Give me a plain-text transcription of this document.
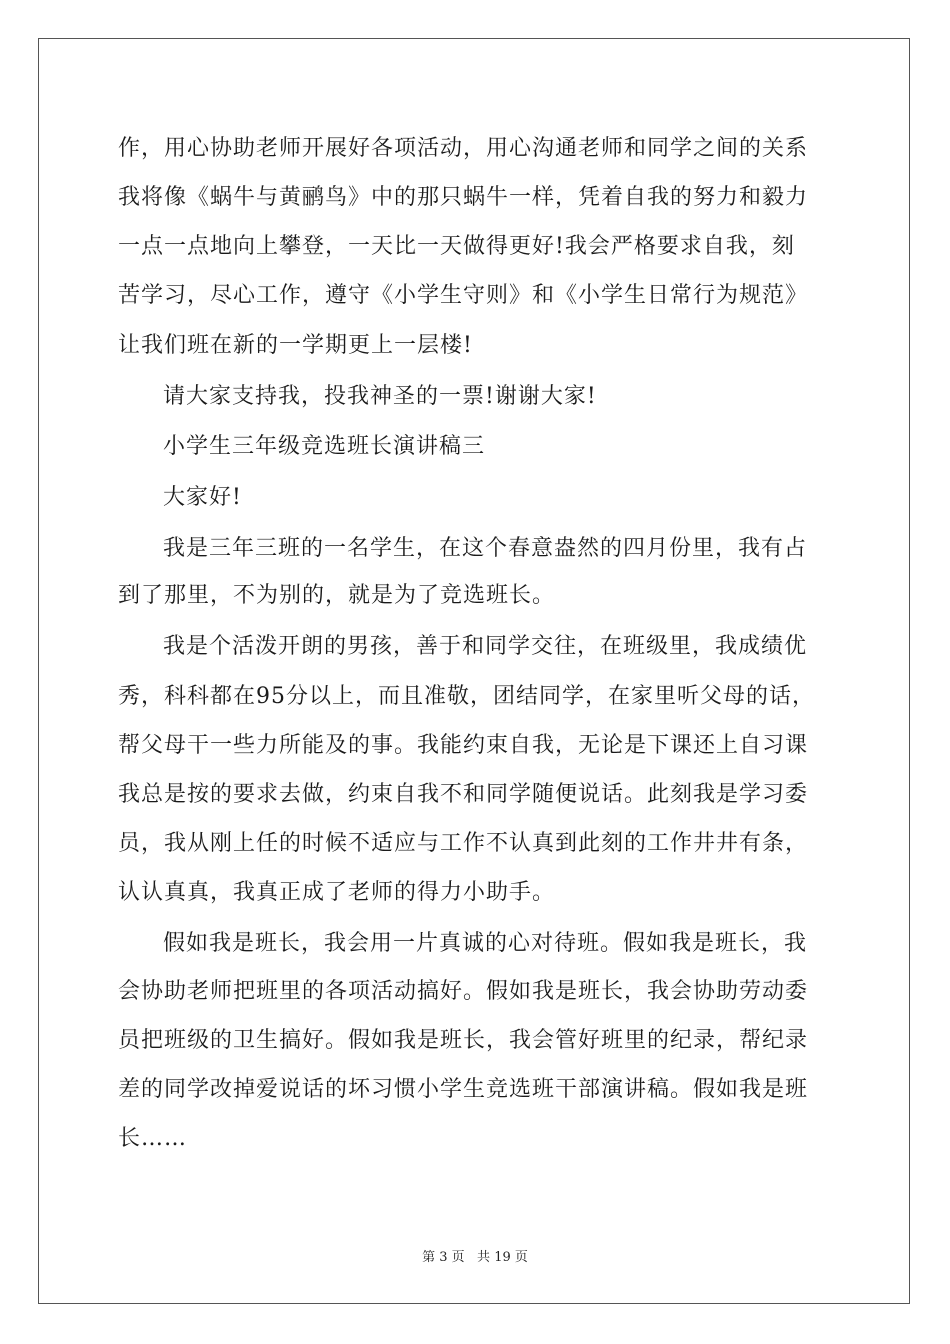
作，用心协助老师开展好各项活动，用心沟通老师和同学之间的关系
我将像《蜗牛与黄鹂鸟》中的那只蜗牛一样，凭着自我的努力和毅力
一点一点地向上攀登，一天比一天做得更好!我会严格要求自我，刻
苦学习，尽心工作，遵守《小学生守则》和《小学生日常行为规范》
让我们班在新的一学期更上一层楼!
请大家支持我，投我神圣的一票!谢谢大家!
小学生三年级竞选班长演讲稿三
大家好!
我是三年三班的一名学生，在这个春意盎然的四月份里，我有占
到了那里，不为别的，就是为了竞选班长。
我是个活泼开朗的男孩，善于和同学交往，在班级里，我成绩优
秀，科科都在95分以上，而且准敬，团结同学，在家里听父母的话，
帮父母干一些力所能及的事。我能约束自我，无论是下课还上自习课
我总是按的要求去做，约束自我不和同学随便说话。此刻我是学习委
员，我从刚上任的时候不适应与工作不认真到此刻的工作井井有条，
认认真真，我真正成了老师的得力小助手。
假如我是班长，我会用一片真诚的心对待班。假如我是班长，我
会协助老师把班里的各项活动搞好。假如我是班长，我会协助劳动委
员把班级的卫生搞好。假如我是班长，我会管好班里的纪录，帮纪录
差的同学改掉爱说话的坏习惯小学生竞选班干部演讲稿。假如我是班
长……
第 3 页   共 19 页
